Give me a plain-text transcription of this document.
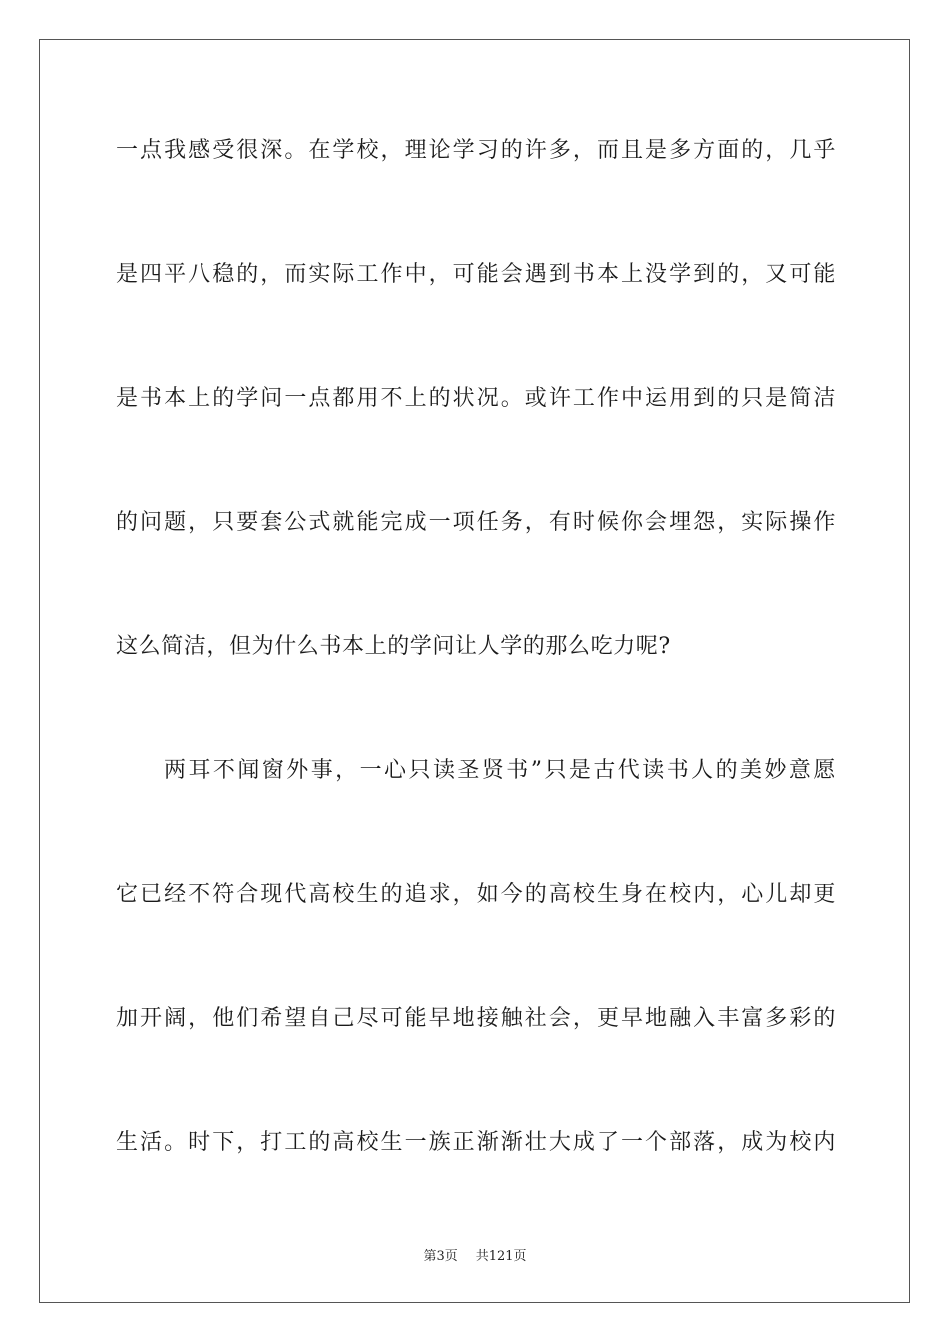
一点我感受很深。在学校，理论学习的许多，而且是多方面的，几乎
是四平八稳的，而实际工作中，可能会遇到书本上没学到的，又可能
是书本上的学问一点都用不上的状况。或许工作中运用到的只是简洁
的问题，只要套公式就能完成一项任务，有时候你会埋怨，实际操作
这么简洁，但为什么书本上的学问让人学的那么吃力呢?
两耳不闻窗外事，一心只读圣贤书”只是古代读书人的美妙意愿
它已经不符合现代高校生的追求，如今的高校生身在校内，心儿却更
加开阔，他们希望自己尽可能早地接触社会，更早地融入丰富多彩的
生活。时下，打工的高校生一族正渐渐壮大成了一个部落，成为校内
第3页 共121页
